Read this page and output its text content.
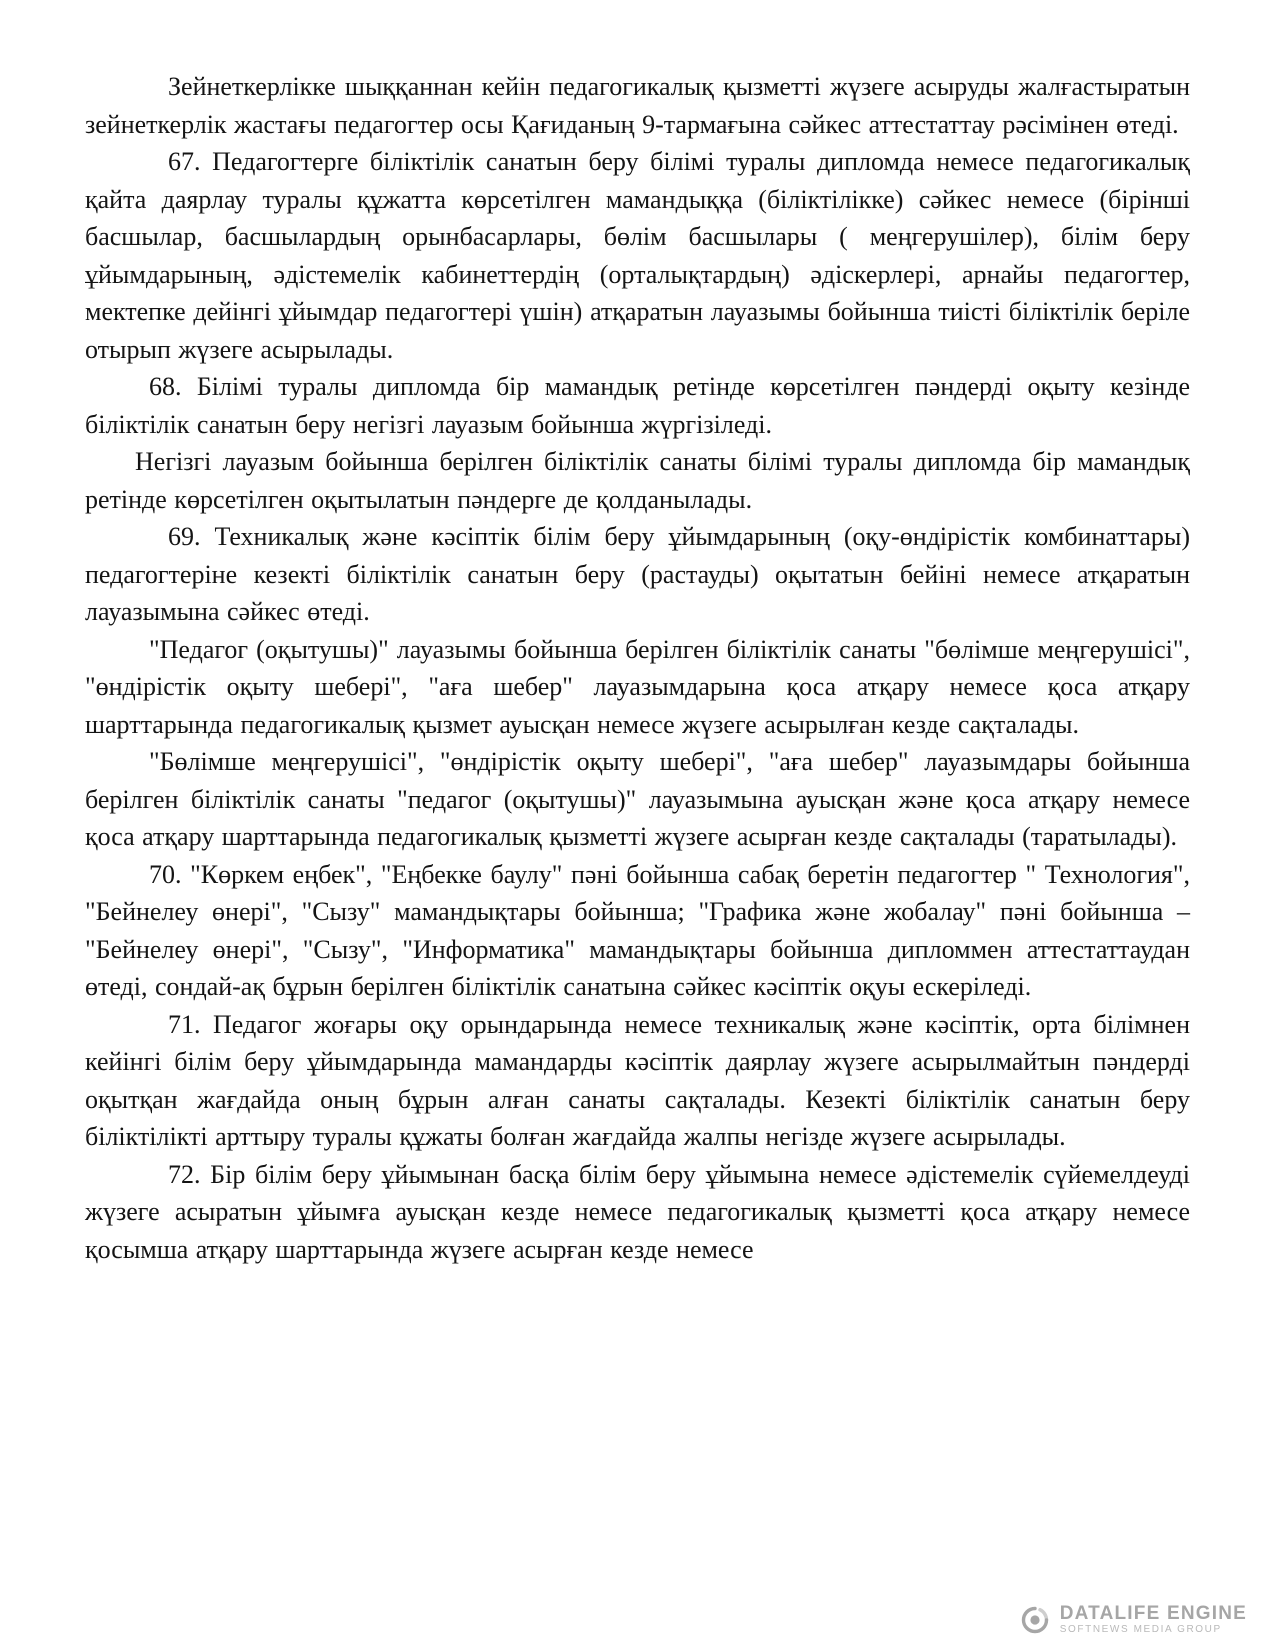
Зейнеткерлікке шыққаннан кейін педагогикалық қызметті жүзеге асыруды жалғастыратын зейнеткерлік жастағы педагогтер осы Қағиданың 9-тармағына сәйкес аттестаттау рәсімінен өтеді.

67. Педагогтерге біліктілік санатын беру білімі туралы дипломда немесе педагогикалық қайта даярлау туралы құжатта көрсетілген мамандыққа (біліктілікке) сәйкес немесе (бірінші басшылар, басшылардың орынбасарлары, бөлім басшылары ( меңгерушілер), білім беру ұйымдарының, әдістемелік кабинеттердің (орталықтардың) әдіскерлері, арнайы педагогтер, мектепке дейінгі ұйымдар педагогтері үшін) атқаратын лауазымы бойынша тиісті біліктілік беріле отырып жүзеге асырылады.

68. Білімі туралы дипломда бір мамандық ретінде көрсетілген пәндерді оқыту кезінде біліктілік санатын беру негізгі лауазым бойынша жүргізіледі.

Негізгі лауазым бойынша берілген біліктілік санаты білімі туралы дипломда бір мамандық ретінде көрсетілген оқытылатын пәндерге де қолданылады.

69. Техникалық және кәсіптік білім беру ұйымдарының (оқу-өндірістік комбинаттары) педагогтеріне кезекті біліктілік санатын беру (растауды) оқытатын бейіні немесе атқаратын лауазымына сәйкес өтеді.

"Педагог (оқытушы)" лауазымы бойынша берілген біліктілік санаты "бөлімше меңгерушісі", "өндірістік оқыту шебері", "аға шебер" лауазымдарына қоса атқару немесе қоса атқару шарттарында педагогикалық қызмет ауысқан немесе жүзеге асырылған кезде сақталады.

"Бөлімше меңгерушісі", "өндірістік оқыту шебері", "аға шебер" лауазымдары бойынша берілген біліктілік санаты "педагог (оқытушы)" лауазымына ауысқан және қоса атқару немесе қоса атқару шарттарында педагогикалық қызметті жүзеге асырған кезде сақталады (таратылады).

70. "Көркем еңбек", "Еңбекке баулу" пәні бойынша сабақ беретін педагогтер " Технология", "Бейнелеу өнері", "Сызу" мамандықтары бойынша; "Графика және жобалау" пәні бойынша – "Бейнелеу өнері", "Сызу", "Информатика" мамандықтары бойынша дипломмен аттестаттаудан өтеді, сондай-ақ бұрын берілген біліктілік санатына сәйкес кәсіптік оқуы ескеріледі.

71. Педагог жоғары оқу орындарында немесе техникалық және кәсіптік, орта білімнен кейінгі білім беру ұйымдарында мамандарды кәсіптік даярлау жүзеге асырылмайтын пәндерді оқытқан жағдайда оның бұрын алған санаты сақталады. Кезекті біліктілік санатын беру біліктілікті арттыру туралы құжаты болған жағдайда жалпы негізде жүзеге асырылады.

72. Бір білім беру ұйымынан басқа білім беру ұйымына немесе әдістемелік сүйемелдеуді жүзеге асыратын ұйымға ауысқан кезде немесе педагогикалық қызметті қоса атқару немесе қосымша атқару шарттарында жүзеге асырған кезде немесе

DATALIFE ENGINE
SOFTNEWS MEDIA GROUP
